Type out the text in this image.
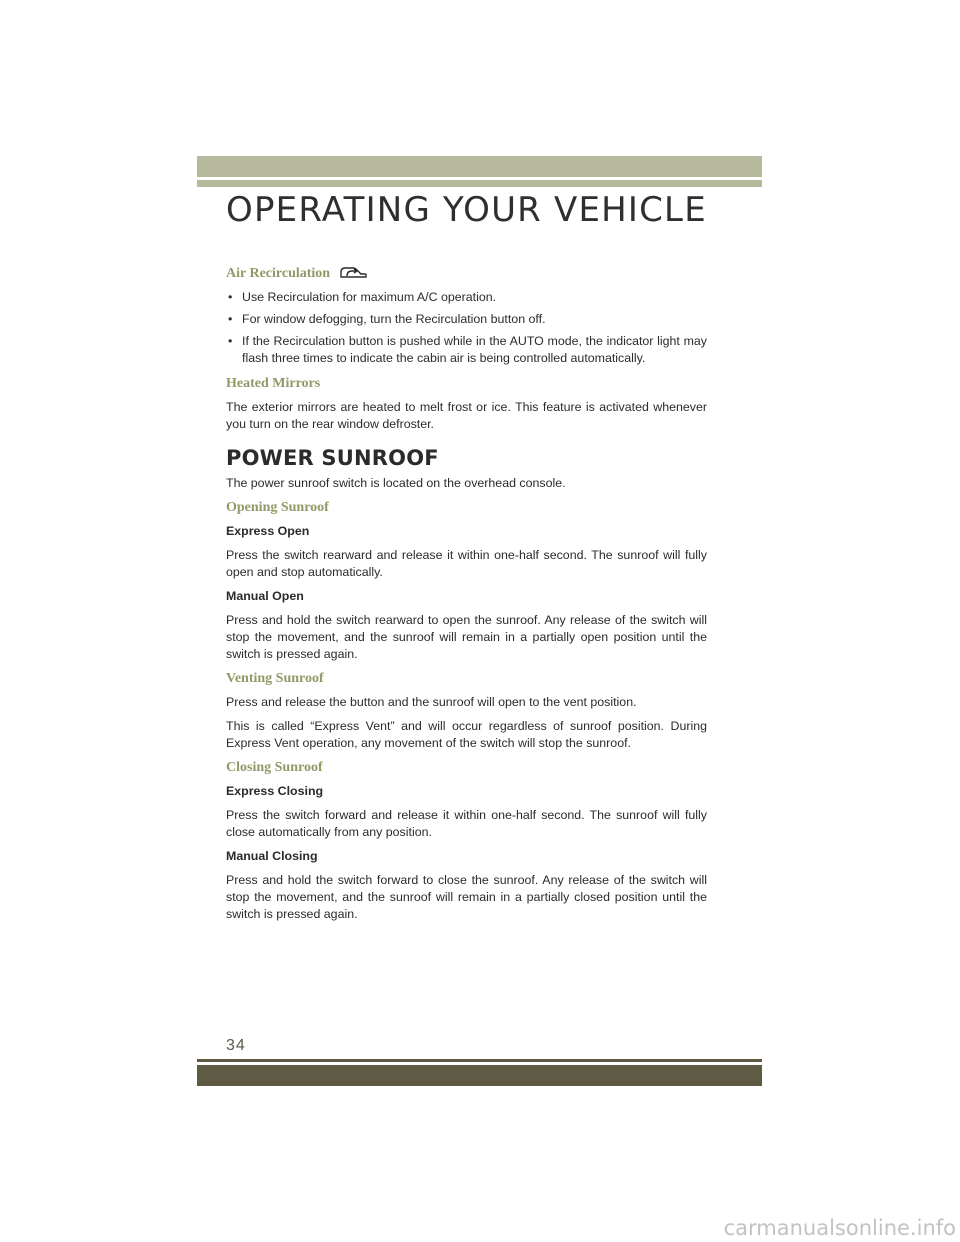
OPERATING YOUR VEHICLE
Air Recirculation
• Use Recirculation for maximum A/C operation.
• For window defogging, turn the Recirculation button off.
• If the Recirculation button is pushed while in the AUTO mode, the indicator light may flash three times to indicate the cabin air is being controlled automatically.
Heated Mirrors

The exterior mirrors are heated to melt frost or ice. This feature is activated whenever you turn on the rear window defroster.

POWER SUNROOF

The power sunroof switch is located on the overhead console.

Opening Sunroof
Express Open

Press the switch rearward and release it within one-half second. The sunroof will fully open and stop automatically.

Manual Open

Press and hold the switch rearward to open the sunroof. Any release of the switch will stop the movement, and the sunroof will remain in a partially open position until the switch is pressed again.

Venting Sunroof

Press and release the button and the sunroof will open to the vent position.

This is called “Express Vent” and will occur regardless of sunroof position. During Express Vent operation, any movement of the switch will stop the sunroof.

Closing Sunroof
Express Closing

Press the switch forward and release it within one-half second. The sunroof will fully close automatically from any position.

Manual Closing

Press and hold the switch forward to close the sunroof. Any release of the switch will stop the movement, and the sunroof will remain in a partially closed position until the switch is pressed again.

34
carmanualsonline.info
